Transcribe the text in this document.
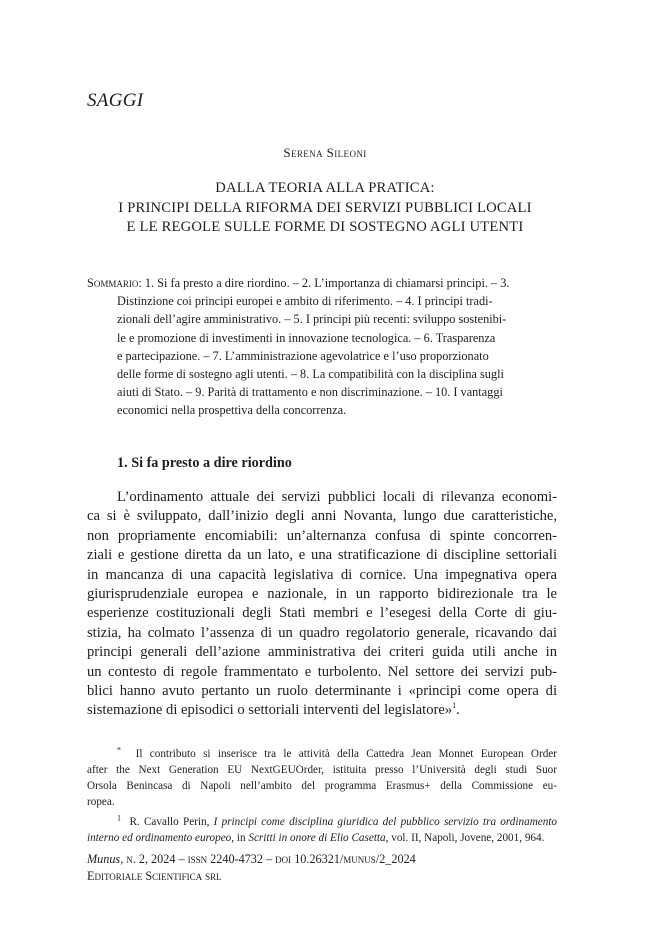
SAGGI
Serena Sileoni
DALLA TEORIA ALLA PRATICA:
I PRINCIPI DELLA RIFORMA DEI SERVIZI PUBBLICI LOCALI
E LE REGOLE SULLE FORME DI SOSTEGNO AGLI UTENTI
Sommario: 1. Si fa presto a dire riordino. – 2. L’importanza di chiamarsi principi. – 3.
Distinzione coi principi europei e ambito di riferimento. – 4. I principi tradi-
zionali dell’agire amministrativo. – 5. I principi più recenti: sviluppo sostenibi-
le e promozione di investimenti in innovazione tecnologica. – 6. Trasparenza
e partecipazione. – 7. L’amministrazione agevolatrice e l’uso proporzionato
delle forme di sostegno agli utenti. – 8. La compatibilità con la disciplina sugli
aiuti di Stato. – 9. Parità di trattamento e non discriminazione. – 10. I vantaggi
economici nella prospettiva della concorrenza.
1. Si fa presto a dire riordino
L’ordinamento attuale dei servizi pubblici locali di rilevanza economi-
ca si è sviluppato, dall’inizio degli anni Novanta, lungo due caratteristiche,
non propriamente encomiabili: un’alternanza confusa di spinte concorren-
ziali e gestione diretta da un lato, e una stratificazione di discipline settoriali
in mancanza di una capacità legislativa di cornice. Una impegnativa opera
giurisprudenziale europea e nazionale, in un rapporto bidirezionale tra le
esperienze costituzionali degli Stati membri e l’esegesi della Corte di giu-
stizia, ha colmato l’assenza di un quadro regolatorio generale, ricavando dai
principi generali dell’azione amministrativa dei criteri guida utili anche in
un contesto di regole frammentato e turbolento. Nel settore dei servizi pub-
blici hanno avuto pertanto un ruolo determinante i «principi come opera di
sistemazione di episodici o settoriali interventi del legislatore»$^1$.
* Il contributo si inserisce tra le attività della Cattedra Jean Monnet European Order
after the Next Generation EU NextGEUOrder, istituita presso l’Università degli studi Suor
Orsola Benincasa di Napoli nell’ambito del programma Erasmus+ della Commissione eu-
ropea.
$^1$ R. Cavallo Perin, I principi come disciplina giuridica del pubblico servizio tra ordinamento
interno ed ordinamento europeo, in Scritti in onore di Elio Casetta, vol. II, Napoli, Jovene, 2001, 964.
Munus, n. 2, 2024 – issn 2240-4732 – doi 10.26321/munus/2_2024
Editoriale Scientifica srl
